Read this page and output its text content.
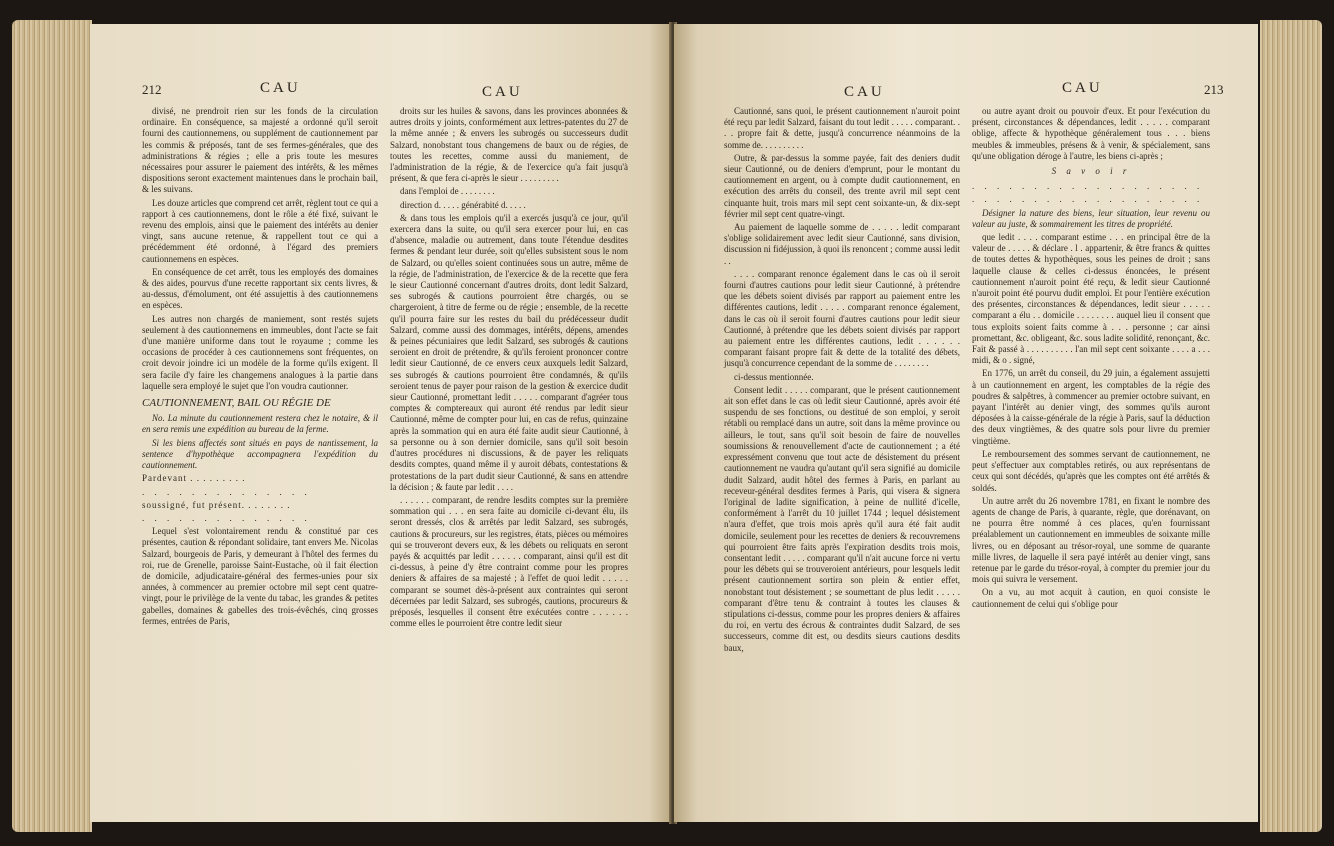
212	CAU	CAU

divisé, ne prendroit rien sur les fonds de la circulation ordinaire. En conséquence, sa majesté a ordonné qu'il seroit fourni des cautionnemens, ou supplément de cautionnement par les commis & préposés, tant de ses fermes-générales, que des administrations & régies ; elle a pris toute les mesures nécessaires pour assurer le paiement des intérêts, & les mêmes dispositions seront exactement maintenues dans le prochain bail, & les suivans.

Les douze articles que comprend cet arrêt, règlent tout ce qui a rapport à ces cautionnemens, dont le rôle a été fixé, suivant le revenu des emplois, ainsi que le paiement des intérêts au denier vingt, sans aucune retenue, & rappellent tout ce qui a précédemment été ordonné, à l'égard des premiers cautionnemens en espèces.

En conséquence de cet arrêt, tous les employés des domaines & des aides, pourvus d'une recette rapportant six cents livres, & au-dessus, d'émolument, ont été assujettis à des cautionnemens en espèces.

Les autres non chargés de maniement, sont restés sujets seulement à des cautionnemens en immeubles, dont l'acte se fait d'une manière uniforme dans tout le royaume ; comme les occasions de procéder à ces cautionnemens sont fréquentes, on croit devoir joindre ici un modèle de la forme qu'ils exigent. Il sera facile d'y faire les changemens analogues à la partie dans laquelle sera employé le sujet que l'on voudra cautionner.

CAUTIONNEMENT, BAIL OU RÉGIE DE

No. La minute du cautionnement restera chez le notaire, & il en sera remis une expédition au bureau de la ferme.

Si les biens affectés sont situés en pays de nantissement, la sentence d'hypothèque accompagnera l'expédition du cautionnement.

Pardevant . . . . . . . . .

. . . . . . . . . . . . . .

soussigné, fut présent. . . . . . . .

. . . . . . . . . . . . . .

Lequel s'est volontairement rendu & constitué par ces présentes, caution & répondant solidaire, tant envers Me. Nicolas Salzard, bourgeois de Paris, y demeurant à l'hôtel des fermes du roi, rue de Grenelle, paroisse Saint-Eustache, où il fait élection de domicile, adjudicataire-général des fermes-unies pour six années, à commencer au premier octobre mil sept cent quatre-vingt, pour le privilège de la vente du tabac, les grandes & petites gabelles, domaines & gabelles des trois-évêchés, cinq grosses fermes, entrées de Paris,

droits sur les huiles & savons, dans les provinces abonnées & autres droits y joints, conformément aux lettres-patentes du 27 de la même année ; & envers les subrogés ou successeurs dudit Salzard, nonobstant tous changemens de baux ou de régies, de toutes les recettes, comme aussi du maniement, de l'administration de la régie, & de l'exercice qu'a fait jusqu'à présent, & que fera ci-après le sieur . . . . . . . . .

dans l'emploi de . . . . . . . .

direction d. . . . . générabité d. . . . .

& dans tous les emplois qu'il a exercés jusqu'à ce jour, qu'il exercera dans la suite, ou qu'il sera exercer pour lui, en cas d'absence, maladie ou autrement, dans toute l'étendue desdites fermes & pendant leur durée, soit qu'elles subsistent sous le nom de Salzard, ou qu'elles soient continuées sous un autre, même de la régie, de l'administration, de l'exercice & de la recette que fera le sieur Cautionné concernant d'autres droits, dont ledit Salzard, ses subrogés & cautions pourroient être chargés, ou se chargeroient, à titre de ferme ou de régie ; ensemble, de la recette qu'il pourra faire sur les restes du bail du prédécesseur dudit Salzard, comme aussi des dommages, intérêts, dépens, amendes & peines pécuniaires que ledit Salzard, ses subrogés & cautions seroient en droit de prétendre, & qu'ils feroient prononcer contre ledit sieur Cautionné, de ce envers ceux auxquels ledit Salzard, ses subrogés & cautions pourroient être condamnés, & qu'ils seroient tenus de payer pour raison de la gestion & exercice dudit sieur Cautionné, promettant ledit . . . . . comparant d'agréer tous comptes & comptereaux qui auront été rendus par ledit sieur Cautionné, même de compter pour lui, en cas de refus, quinzaine après la sommation qui en aura été faite audit sieur Cautionné, à sa personne ou à son dernier domicile, sans qu'il soit besoin d'autres procédures ni discussions, & de payer les reliquats desdits comptes, quand même il y auroit débats, contestations & protestations de la part dudit sieur Cautionné, & sans en attendre la décision ; & faute par ledit . . . .

. . . . . . comparant, de rendre lesdits comptes sur la première sommation qui . . . en sera faite au domicile ci-devant élu, ils seront dressés, clos & arrêtés par ledit Salzard, ses subrogés, cautions & procureurs, sur les registres, états, pièces ou mémoires qui se trouveront devers eux, & les débets ou reliquats en seront payés & acquittés par ledit . . . . . . comparant, ainsi qu'il est dit ci-dessus, à peine d'y être contraint comme pour les propres deniers & affaires de sa majesté ; à l'effet de quoi ledit . . . . . comparant se soumet dès-à-présent aux contraintes qui seront décernées par ledit Salzard, ses subrogés, cautions, procureurs & préposés, lesquelles il consent être exécutées contre . . . . . . comme elles le pourroient être contre ledit sieur

CAU	CAU	213

Cautionné, sans quoi, le présent cautionnement n'auroit point été reçu par ledit Salzard, faisant du tout ledit . . . . . comparant. . . . propre fait & dette, jusqu'à concurrence néanmoins de la somme de. . . . . . . . . .

Outre, & par-dessus la somme payée, fait des deniers dudit sieur Cautionné, ou de deniers d'emprunt, pour le montant du cautionnement en argent, ou à compte dudit cautionnement, en exécution des arrêts du conseil, des trente avril mil sept cent cinquante huit, trois mars mil sept cent soixante-un, & dix-sept février mil sept cent quatre-vingt.

Au paiement de laquelle somme de . . . . . ledit comparant s'oblige solidairement avec ledit sieur Cautionné, sans division, discussion ni fidéjussion, à quoi ils renoncent ; comme aussi ledit . .

. . . . comparant renonce également dans le cas où il seroit fourni d'autres cautions pour ledit sieur Cautionné, à prétendre que les débets soient divisés par rapport au paiement entre les différentes cautions, ledit . . . . . comparant renonce également, dans le cas où il seroit fourni d'autres cautions pour ledit sieur Cautionné, à prétendre que les débets soient divisés par rapport au paiement entre les différentes cautions, ledit . . . . . . comparant faisant propre fait & dette de la totalité des débets, jusqu'à concurrence cependant de la somme de . . . . . . . .

ci-dessus mentionnée.

Consent ledit . . . . . comparant, que le présent cautionnement ait son effet dans le cas où ledit sieur Cautionné, après avoir été suspendu de ses fonctions, ou destitué de son emploi, y seroit rétabli ou remplacé dans un autre, soit dans la même province ou ailleurs, le tout, sans qu'il soit besoin de faire de nouvelles soumissions & renouvellement d'acte de cautionnement ; a été expressément convenu que tout acte de désistement du présent cautionnement ne vaudra qu'autant qu'il sera signifié au domicile dudit Salzard, audit hôtel des fermes à Paris, en parlant au receveur-général desdites fermes à Paris, qui visera & signera l'original de ladite signification, à peine de nullité d'icelle, conformément à l'arrêt du 10 juillet 1744 ; lequel désistement n'aura d'effet, que trois mois après qu'il aura été fait audit domicile, seulement pour les recettes de deniers & recouvremens qui pourroient être faits après l'expiration desdits trois mois, consentant ledit . . . . . comparant qu'il n'ait aucune force ni vertu pour les débets qui se trouveroient antérieurs, pour lesquels ledit présent cautionnement sortira son plein & entier effet, nonobstant tout désistement ; se soumettant de plus ledit . . . . . comparant d'être tenu & contraint à toutes les clauses & stipulations ci-dessus, comme pour les propres deniers & affaires du roi, en vertu des écrous & contraintes dudit Salzard, de ses successeurs, comme dit est, ou desdits sieurs cautions desdits baux,

ou autre ayant droit ou pouvoir d'eux. Et pour l'exécution du présent, circonstances & dépendances, ledit . . . . . comparant oblige, affecte & hypothèque généralement tous . . . biens meubles & immeubles, présens & à venir, & spécialement, sans qu'une obligation déroge à l'autre, les biens ci-après ;

S a v o i r

. . . . . . . . . . . . . . . . . . .

. . . . . . . . . . . . . . . . . . .

Désigner la nature des biens, leur situation, leur revenu ou valeur au juste, & sommairement les titres de propriété.

que ledit . . . . comparant estime . . . en principal être de la valeur de . . . . . & déclare . l . appartenir, & être francs & quittes de toutes dettes & hypothèques, sous les peines de droit ; sans laquelle clause & celles ci-dessus énoncées, le présent cautionnement n'auroit point été reçu, & ledit sieur Cautionné n'auroit point été pourvu dudit emploi. Et pour l'entière exécution des présentes, circonstances & dépendances, ledit sieur . . . . . comparant a élu . . domicile . . . . . . . . auquel lieu il consent que tous exploits soient faits comme à . . . personne ; car ainsi promettant, &c. obligeant, &c. sous ladite solidité, renonçant, &c. Fait & passé à . . . . . . . . . . l'an mil sept cent soixante . . . . a . . . midi, & o . signé,

En 1776, un arrêt du conseil, du 29 juin, a également assujetti à un cautionnement en argent, les comptables de la régie des poudres & salpêtres, à commencer au premier octobre suivant, en payant l'intérêt au denier vingt, des sommes qu'ils auront déposées à la caisse-générale de la régie à Paris, sauf la déduction des deux vingtièmes, & des quatre sols pour livre du premier vingtième.

Le remboursement des sommes servant de cautionnement, ne peut s'effectuer aux comptables retirés, ou aux représentans de ceux qui sont décédés, qu'après que les comptes ont été arrêtés & soldés.

Un autre arrêt du 26 novembre 1781, en fixant le nombre des agents de change de Paris, à quarante, règle, que dorénavant, on ne pourra être nommé à ces places, qu'en fournissant préalablement un cautionnement en immeubles de soixante mille livres, ou en déposant au trésor-royal, une somme de quarante mille livres, de laquelle il sera payé intérêt au denier vingt, sans retenue par le garde du trésor-royal, à compter du premier jour du mois qui suivra le versement.

On a vu, au mot acquit à caution, en quoi consiste le cautionnement de celui qui s'oblige pour
